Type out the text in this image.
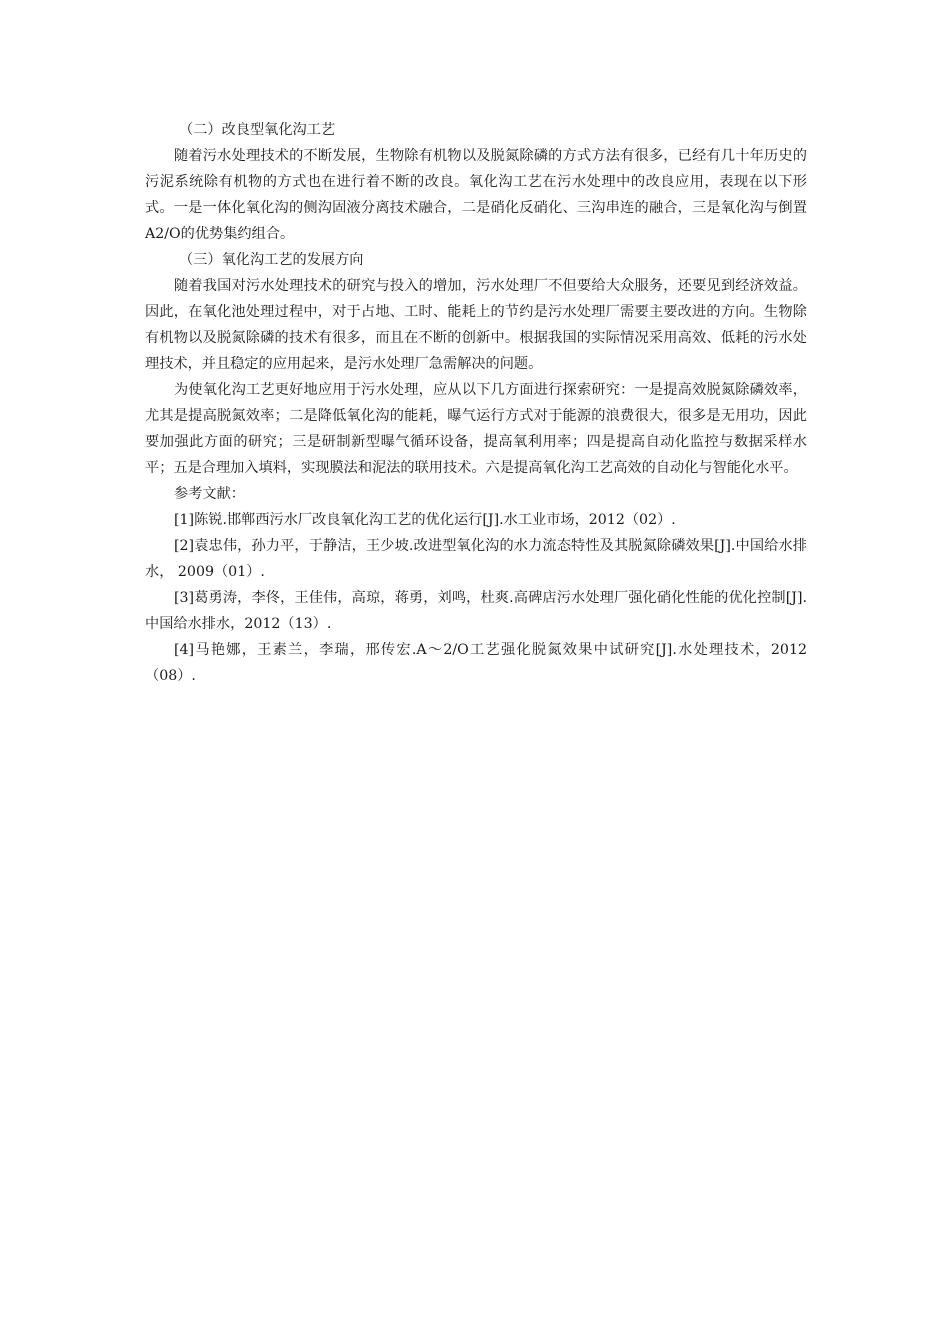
（二）改良型氧化沟工艺

随着污水处理技术的不断发展，生物除有机物以及脱氮除磷的方式方法有很多，已经有几十年历史的污泥系统除有机物的方式也在进行着不断的改良。氧化沟工艺在污水处理中的改良应用，表现在以下形式。一是一体化氧化沟的侧沟固液分离技术融合，二是硝化反硝化、三沟串连的融合，三是氧化沟与倒置A2/O的优势集约组合。

（三）氧化沟工艺的发展方向

随着我国对污水处理技术的研究与投入的增加，污水处理厂不但要给大众服务，还要见到经济效益。因此，在氧化池处理过程中，对于占地、工时、能耗上的节约是污水处理厂需要主要改进的方向。生物除有机物以及脱氮除磷的技术有很多，而且在不断的创新中。根据我国的实际情况采用高效、低耗的污水处理技术，并且稳定的应用起来，是污水处理厂急需解决的问题。

为使氧化沟工艺更好地应用于污水处理，应从以下几方面进行探索研究：一是提高效脱氮除磷效率，尤其是提高脱氮效率；二是降低氧化沟的能耗，曝气运行方式对于能源的浪费很大，很多是无用功，因此要加强此方面的研究；三是研制新型曝气循环设备，提高氧利用率；四是提高自动化监控与数据采样水平；五是合理加入填料，实现膜法和泥法的联用技术。六是提高氧化沟工艺高效的自动化与智能化水平。

参考文献：

[1]陈锐.邯郸西污水厂改良氧化沟工艺的优化运行[J].水工业市场，2012（02）.

[2]袁忠伟，孙力平，于静洁，王少坡.改进型氧化沟的水力流态特性及其脱氮除磷效果[J].中国给水排水， 2009（01）.

[3]葛勇涛，李佟，王佳伟，高琼，蒋勇，刘鸣，杜爽.高碑店污水处理厂强化硝化性能的优化控制[J].中国给水排水，2012（13）.

[4]马艳娜，王素兰，李瑞，邢传宏.A～2/O工艺强化脱氮效果中试研究[J].水处理技术，2012（08）.
